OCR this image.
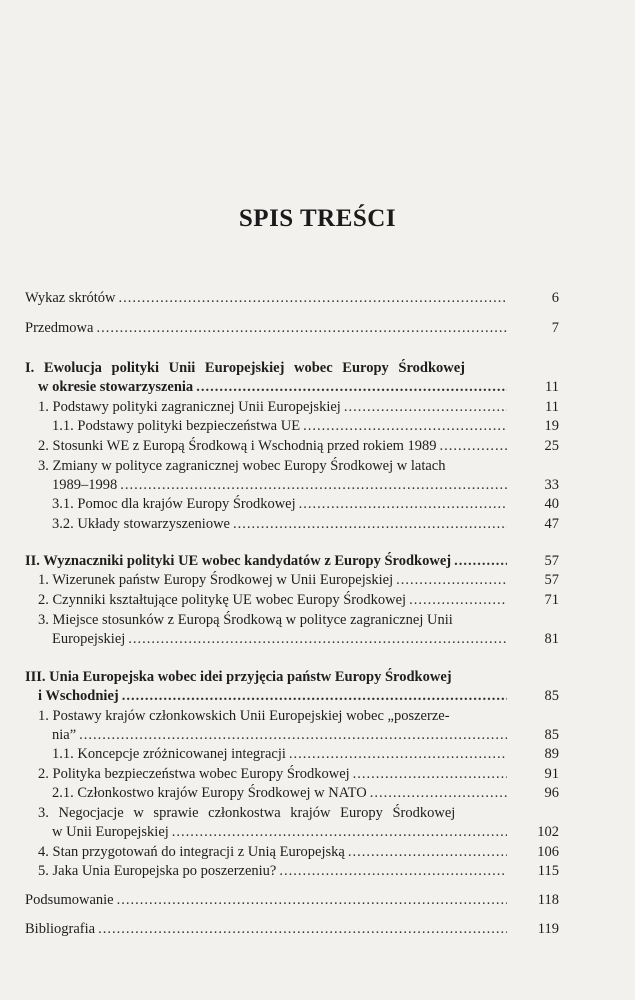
SPIS TREŚCI
Wykaz skrótów .....	6
Przedmowa .....	7
I. Ewolucja polityki Unii Europejskiej wobec Europy Środkowej
w okresie stowarzyszenia .....	11
1. Podstawy polityki zagranicznej Unii Europejskiej .....	11
1.1. Podstawy polityki bezpieczeństwa UE .....	19
2. Stosunki WE z Europą Środkową i Wschodnią przed rokiem 1989 .....	25
3. Zmiany w polityce zagranicznej wobec Europy Środkowej w latach
1989–1998 .....	33
3.1. Pomoc dla krajów Europy Środkowej .....	40
3.2. Układy stowarzyszeniowe .....	47
II. Wyznaczniki polityki UE wobec kandydatów z Europy Środkowej .....	57
1. Wizerunek państw Europy Środkowej w Unii Europejskiej .....	57
2. Czynniki kształtujące politykę UE wobec Europy Środkowej .....	71
3. Miejsce stosunków z Europą Środkową w polityce zagranicznej Unii
Europejskiej .....	81
III. Unia Europejska wobec idei przyjęcia państw Europy Środkowej
i Wschodniej .....	85
1. Postawy krajów członkowskich Unii Europejskiej wobec „poszerze-
nia” .....	85
1.1. Koncepcje zróżnicowanej integracji .....	89
2. Polityka bezpieczeństwa wobec Europy Środkowej .....	91
2.1. Członkostwo krajów Europy Środkowej w NATO .....	96
3. Negocjacje w sprawie członkostwa krajów Europy Środkowej
w Unii Europejskiej .....	102
4. Stan przygotowań do integracji z Unią Europejską .....	106
5. Jaka Unia Europejska po poszerzeniu? .....	115
Podsumowanie .....	118
Bibliografia .....	119
